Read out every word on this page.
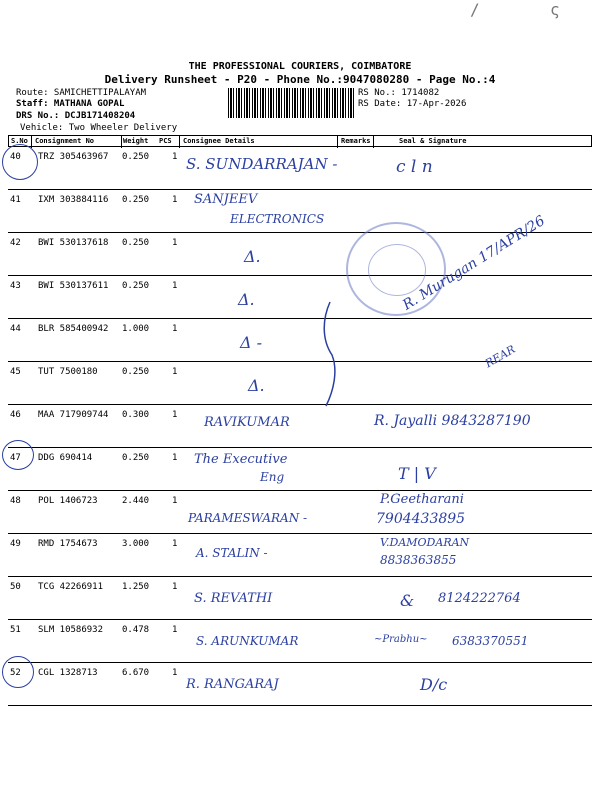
THE PROFESSIONAL COURIERS, COIMBATORE
Delivery Runsheet - P20 - Phone No.:9047080280 - Page No.:4
Route: SAMICHETTIPALAYAM
Staff: MATHANA GOPAL
DRS No.: DCJB171408204
Vehicle: Two Wheeler Delivery
RS No.: 1714082
RS Date: 17-Apr-2026
S.No Consignment No	Weight PCS Consignee Details	Remarks	Seal & Signature
40 TRZ 305463967 0.250	1 S. SUNDARRAJAN -	c l n
41 IXM 303884116 0.250	1 SANJEEV
ELECTRONICS
42 BWI 530137618 0.250	1
Δ.
43 BWI 530137611 0.250	1
Δ.
44 BLR 585400942 1.000	1
Δ -
45 TUT 7500180	0.250	1
Δ.
46 MAA 717909744 0.300	1 RAVIKUMAR	R. Jayalli 9843287190
47 DDG 690414	0.250	1 The Executive
Eng	T | V
48 POL 1406723	2.440	1
PARAMESWARAN -
P.Geetharani
7904433895
49 RMD 1754673	3.000	1
A. STALIN -
V.DAMODARAN
8838363855
50 TCG 42266911 1.250	1
S. REVATHI	& 8124222764
51 SLM 10586932 0.478	1
S. ARUNKUMAR	~Prabhu~ 6383370551
52 CGL 1328713	6.670	1
R. RANGARAJ	D/c
R. Murugan 17/APR/26
REAR
/	ς
